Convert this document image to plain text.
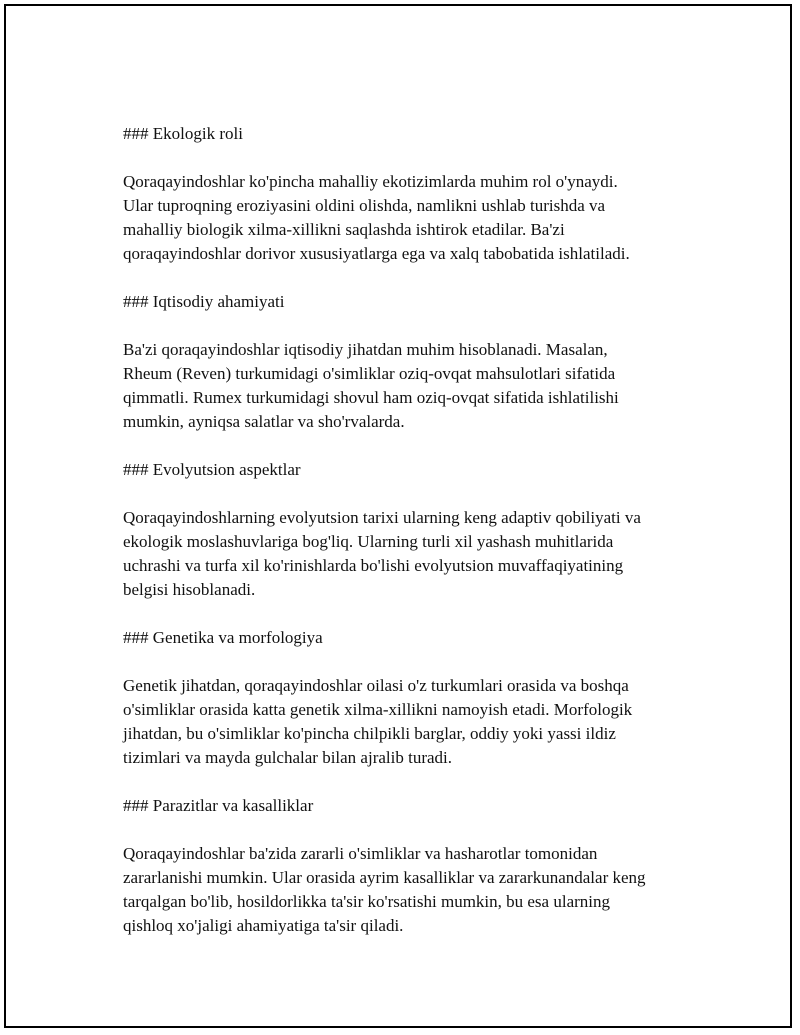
### Ekologik roli

Qoraqayindoshlar ko'pincha mahalliy ekotizimlarda muhim rol o'ynaydi.
Ular tuproqning eroziyasini oldini olishda, namlikni ushlab turishda va
mahalliy biologik xilma-xillikni saqlashda ishtirok etadilar. Ba'zi
qoraqayindoshlar dorivor xususiyatlarga ega va xalq tabobatida ishlatiladi.

### Iqtisodiy ahamiyati

Ba'zi qoraqayindoshlar iqtisodiy jihatdan muhim hisoblanadi. Masalan,
Rheum (Reven) turkumidagi o'simliklar oziq-ovqat mahsulotlari sifatida
qimmatli. Rumex turkumidagi shovul ham oziq-ovqat sifatida ishlatilishi
mumkin, ayniqsa salatlar va sho'rvalarda.

### Evolyutsion aspektlar

Qoraqayindoshlarning evolyutsion tarixi ularning keng adaptiv qobiliyati va
ekologik moslashuvlariga bog'liq. Ularning turli xil yashash muhitlarida
uchrashi va turfa xil ko'rinishlarda bo'lishi evolyutsion muvaffaqiyatining
belgisi hisoblanadi.

### Genetika va morfologiya

Genetik jihatdan, qoraqayindoshlar oilasi o'z turkumlari orasida va boshqa
o'simliklar orasida katta genetik xilma-xillikni namoyish etadi. Morfologik
jihatdan, bu o'simliklar ko'pincha chilpikli barglar, oddiy yoki yassi ildiz
tizimlari va mayda gulchalar bilan ajralib turadi.

### Parazitlar va kasalliklar

Qoraqayindoshlar ba'zida zararli o'simliklar va hasharotlar tomonidan
zararlanishi mumkin. Ular orasida ayrim kasalliklar va zararkunandalar keng
tarqalgan bo'lib, hosildorlikka ta'sir ko'rsatishi mumkin, bu esa ularning
qishloq xo'jaligi ahamiyatiga ta'sir qiladi.
